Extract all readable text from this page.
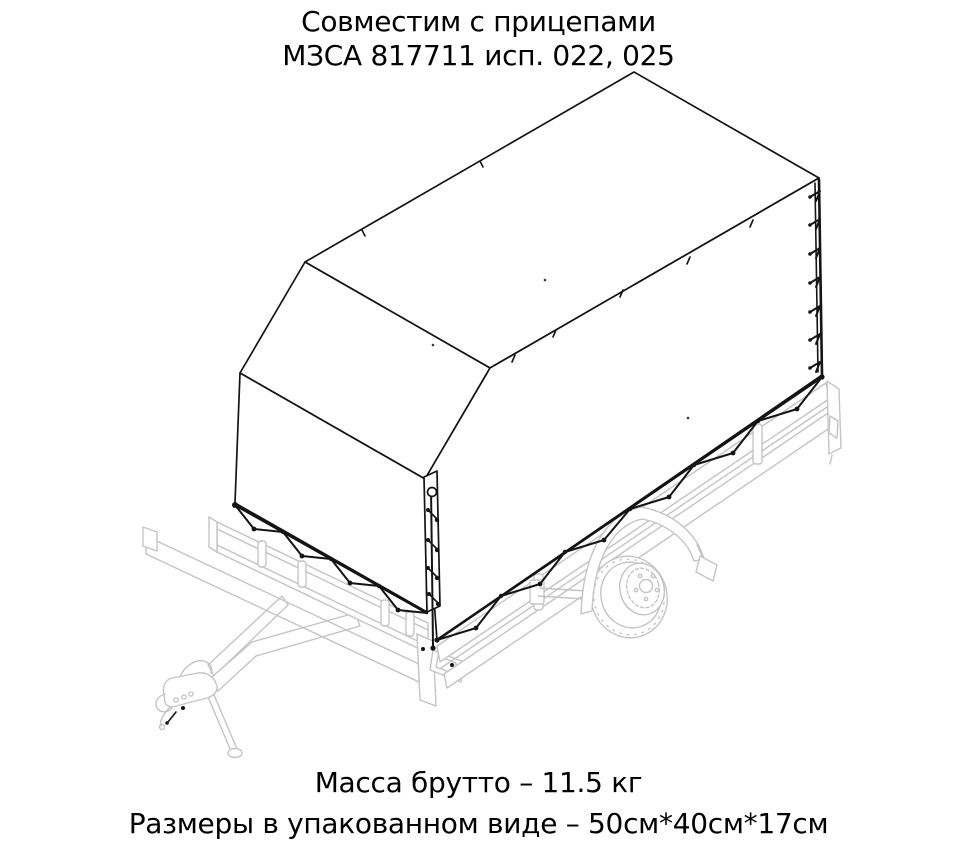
Совместим с прицепами
МЗСА 817711 исп. 022, 025
Масса брутто – 11.5 кг
Размеры в упакованном виде – 50см*40см*17см
